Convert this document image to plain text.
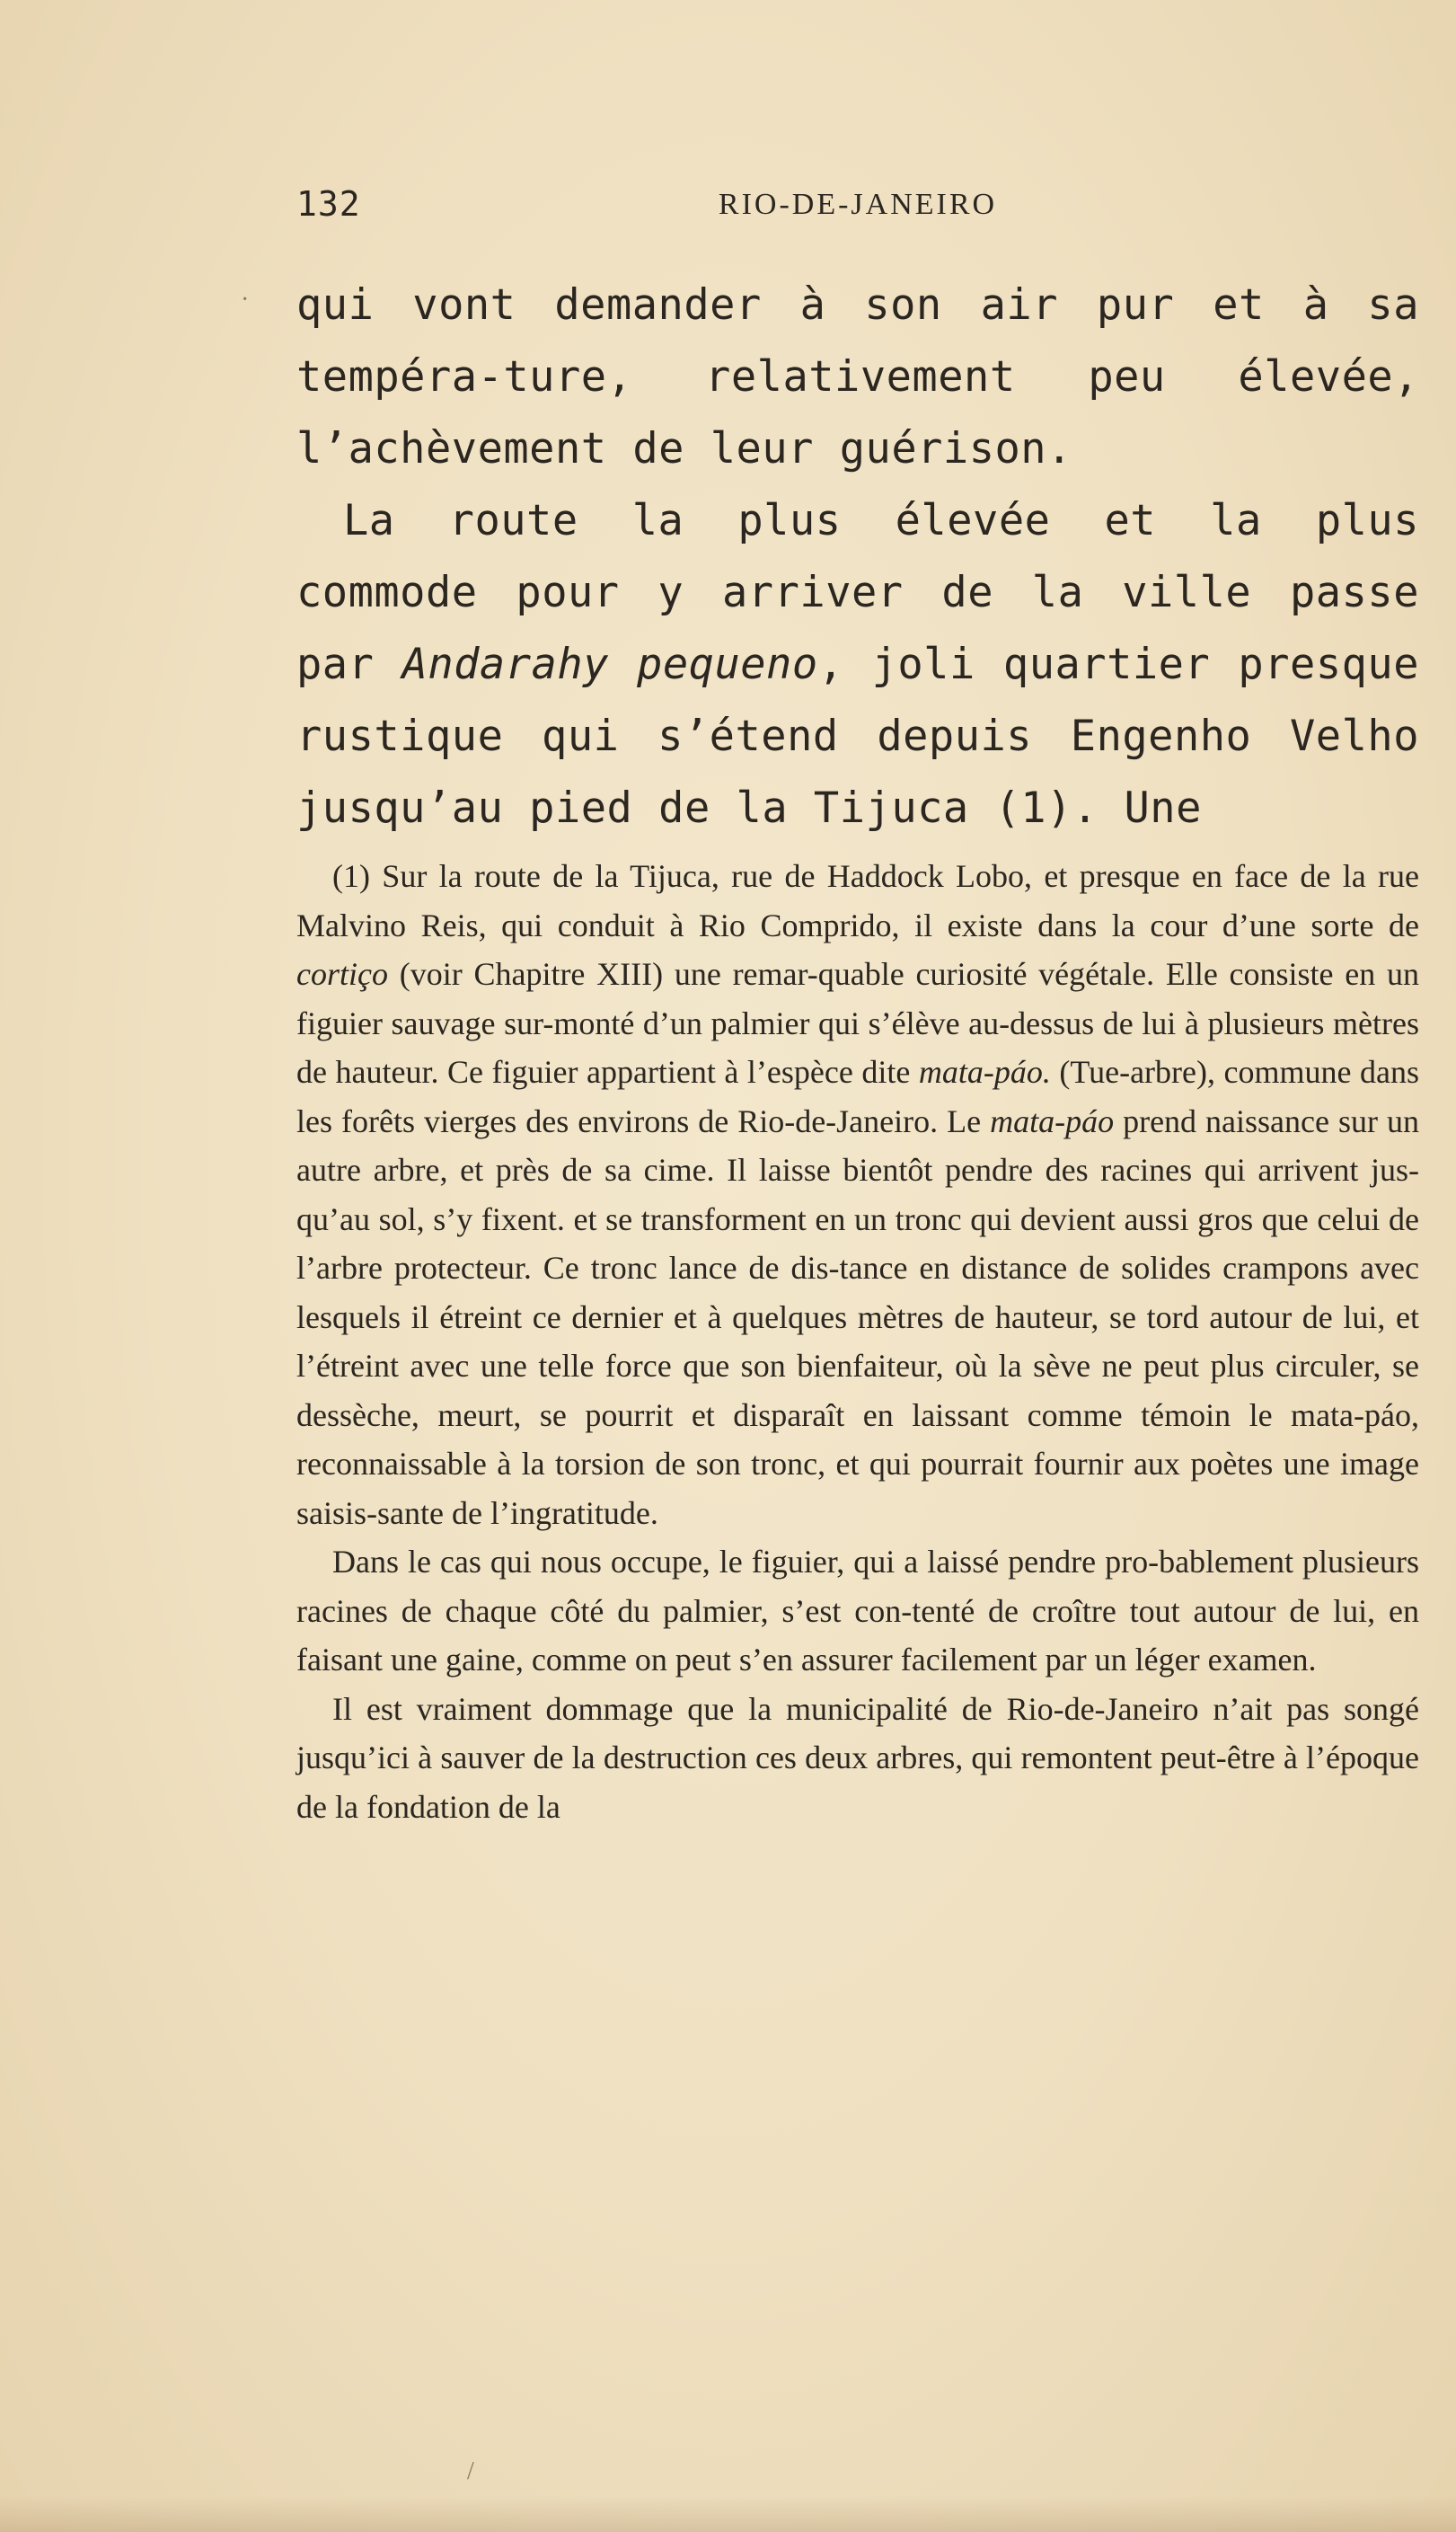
132	RIO-DE-JANEIRO

qui vont demander à son air pur et à sa tempéra-ture, relativement peu élevée, l’achèvement de leur guérison.

La route la plus élevée et la plus commode pour y arriver de la ville passe par Andarahy pequeno, joli quartier presque rustique qui s’étend depuis Engenho Velho jusqu’au pied de la Tijuca (1). Une

(1) Sur la route de la Tijuca, rue de Haddock Lobo, et presque en face de la rue Malvino Reis, qui conduit à Rio Comprido, il existe dans la cour d’une sorte de cortiço (voir Chapitre XIII) une remar-quable curiosité végétale. Elle consiste en un figuier sauvage sur-monté d’un palmier qui s’élève au-dessus de lui à plusieurs mètres de hauteur. Ce figuier appartient à l’espèce dite mata-páo. (Tue-arbre), commune dans les forêts vierges des environs de Rio-de-Janeiro. Le mata-páo prend naissance sur un autre arbre, et près de sa cime. Il laisse bientôt pendre des racines qui arrivent jus-qu’au sol, s’y fixent. et se transforment en un tronc qui devient aussi gros que celui de l’arbre protecteur. Ce tronc lance de dis-tance en distance de solides crampons avec lesquels il étreint ce dernier et à quelques mètres de hauteur, se tord autour de lui, et l’étreint avec une telle force que son bienfaiteur, où la sève ne peut plus circuler, se dessèche, meurt, se pourrit et disparaît en laissant comme témoin le mata-páo, reconnaissable à la torsion de son tronc, et qui pourrait fournir aux poètes une image saisis-sante de l’ingratitude.

Dans le cas qui nous occupe, le figuier, qui a laissé pendre pro-bablement plusieurs racines de chaque côté du palmier, s’est con-tenté de croître tout autour de lui, en faisant une gaine, comme on peut s’en assurer facilement par un léger examen.

Il est vraiment dommage que la municipalité de Rio-de-Janeiro n’ait pas songé jusqu’ici à sauver de la destruction ces deux arbres, qui remontent peut-être à l’époque de la fondation de la

·
/
